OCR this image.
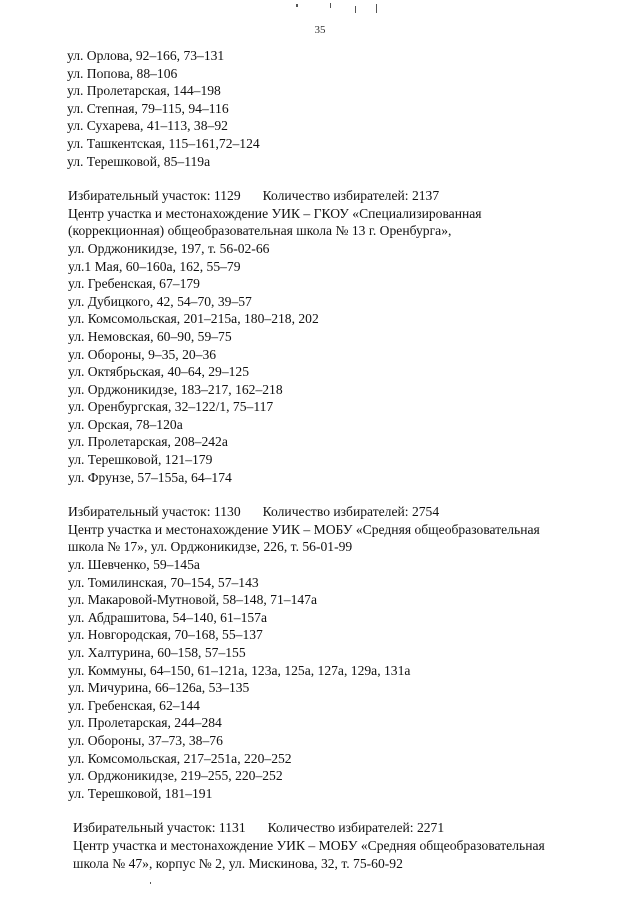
35
ул. Орлова, 92–166, 73–131
ул. Попова, 88–106
ул. Пролетарская, 144–198
ул. Степная, 79–115, 94–116
ул. Сухарева, 41–113, 38–92
ул. Ташкентская, 115–161,72–124
ул. Терешковой, 85–119а
Избирательный участок: 1129 Количество избирателей: 2137
Центр участка и местонахождение УИК – ГКОУ «Специализированная
(коррекционная) общеобразовательная школа № 13 г. Оренбурга»,
ул. Орджоникидзе, 197, т. 56-02-66
ул.1 Мая, 60–160а, 162, 55–79
ул. Гребенская, 67–179
ул. Дубицкого, 42, 54–70, 39–57
ул. Комсомольская, 201–215а, 180–218, 202
ул. Немовская, 60–90, 59–75
ул. Обороны, 9–35, 20–36
ул. Октябрьская, 40–64, 29–125
ул. Орджоникидзе, 183–217, 162–218
ул. Оренбургская, 32–122/1, 75–117
ул. Орская, 78–120а
ул. Пролетарская, 208–242а
ул. Терешковой, 121–179
ул. Фрунзе, 57–155а, 64–174
Избирательный участок: 1130 Количество избирателей: 2754
Центр участка и местонахождение УИК – МОБУ «Средняя общеобразовательная
школа № 17», ул. Орджоникидзе, 226, т. 56-01-99
ул. Шевченко, 59–145а
ул. Томилинская, 70–154, 57–143
ул. Макаровой-Мутновой, 58–148, 71–147а
ул. Абдрашитова, 54–140, 61–157а
ул. Новгородская, 70–168, 55–137
ул. Халтурина, 60–158, 57–155
ул. Коммуны, 64–150, 61–121а, 123а, 125а, 127а, 129а, 131а
ул. Мичурина, 66–126а, 53–135
ул. Гребенская, 62–144
ул. Пролетарская, 244–284
ул. Обороны, 37–73, 38–76
ул. Комсомольская, 217–251а, 220–252
ул. Орджоникидзе, 219–255, 220–252
ул. Терешковой, 181–191
Избирательный участок: 1131 Количество избирателей: 2271
Центр участка и местонахождение УИК – МОБУ «Средняя общеобразовательная
школа № 47», корпус № 2, ул. Мискинова, 32, т. 75-60-92
